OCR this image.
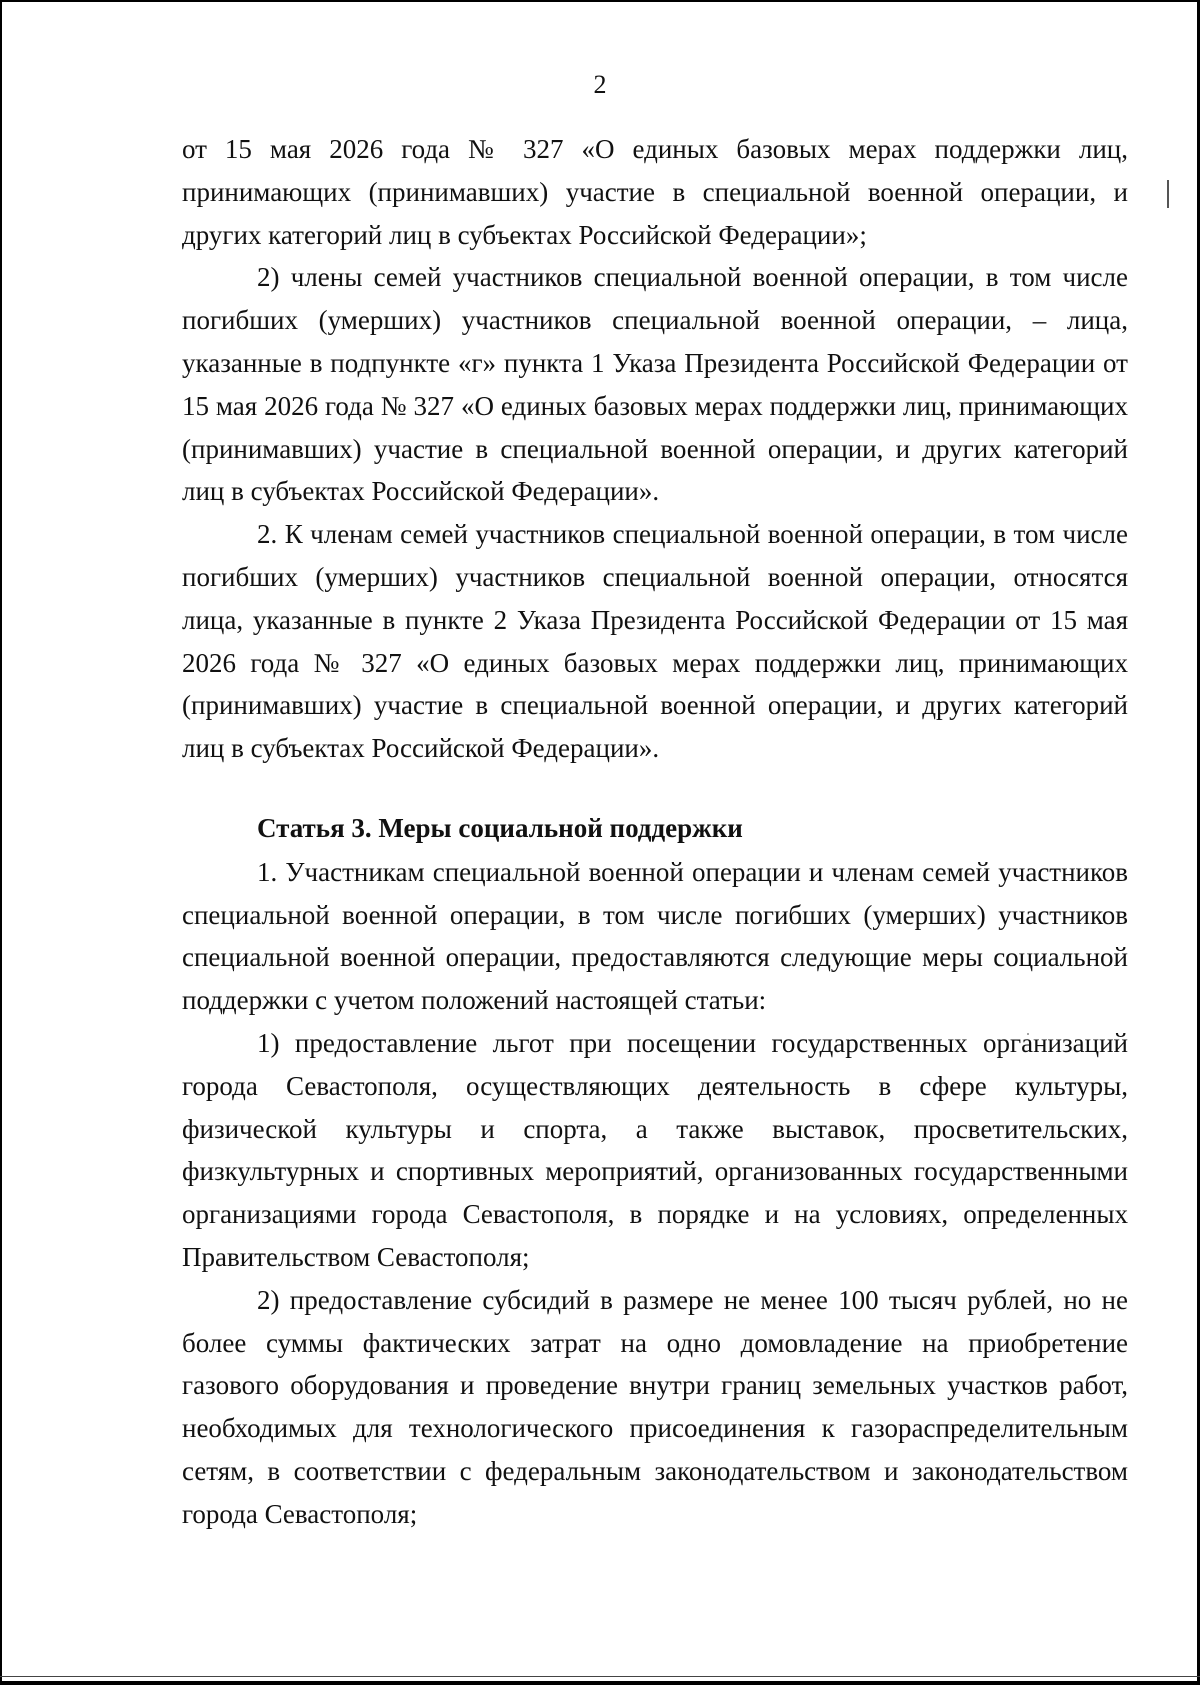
2

от 15 мая 2026 года № 327 «О единых базовых мерах поддержки лиц, принимающих (принимавших) участие в специальной военной операции, и других категорий лиц в субъектах Российской Федерации»;

2) члены семей участников специальной военной операции, в том числе погибших (умерших) участников специальной военной операции, – лица, указанные в подпункте «г» пункта 1 Указа Президента Российской Федерации от 15 мая 2026 года № 327 «О единых базовых мерах поддержки лиц, принимающих (принимавших) участие в специальной военной операции, и других категорий лиц в субъектах Российской Федерации».

2. К членам семей участников специальной военной операции, в том числе погибших (умерших) участников специальной военной операции, относятся лица, указанные в пункте 2 Указа Президента Российской Федерации от 15 мая 2026 года № 327 «О единых базовых мерах поддержки лиц, принимающих (принимавших) участие в специальной военной операции, и других категорий лиц в субъектах Российской Федерации».

Статья 3. Меры социальной поддержки

1. Участникам специальной военной операции и членам семей участников специальной военной операции, в том числе погибших (умерших) участников специальной военной операции, предоставляются следующие меры социальной поддержки с учетом положений настоящей статьи:

1) предоставление льгот при посещении государственных организаций города Севастополя, осуществляющих деятельность в сфере культуры, физической культуры и спорта, а также выставок, просветительских, физкультурных и спортивных мероприятий, организованных государственными организациями города Севастополя, в порядке и на условиях, определенных Правительством Севастополя;

2) предоставление субсидий в размере не менее 100 тысяч рублей, но не более суммы фактических затрат на одно домовладение на приобретение газового оборудования и проведение внутри границ земельных участков работ, необходимых для технологического присоединения к газораспределительным сетям, в соответствии с федеральным законодательством и законодательством города Севастополя;
